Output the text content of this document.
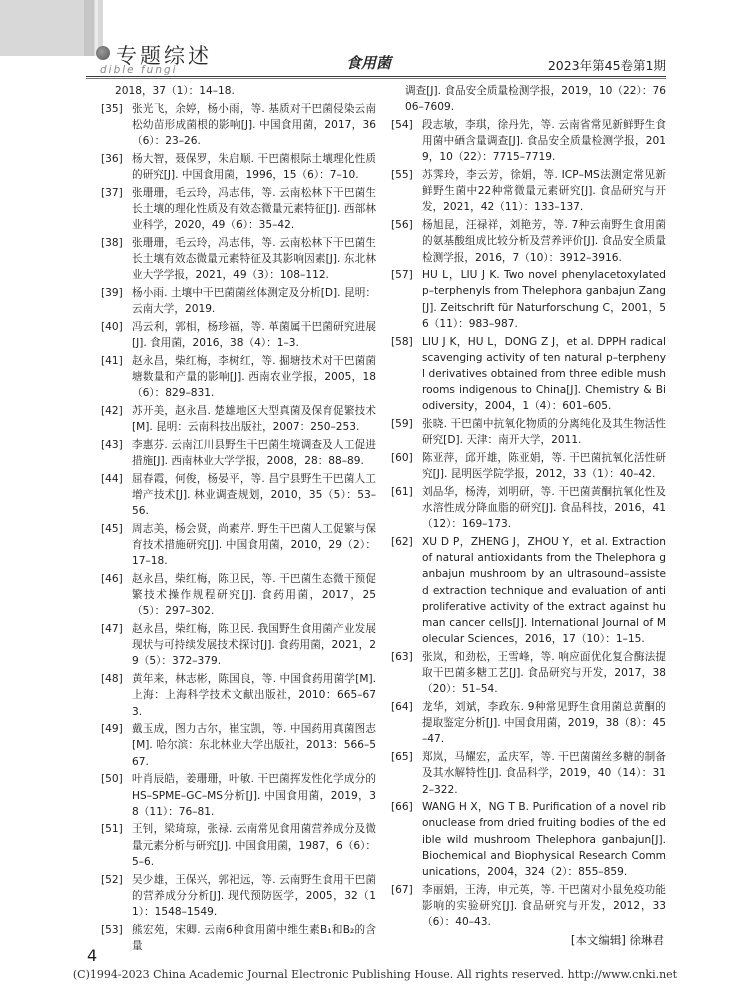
专题综述
dible fungi	食用菌	2023年第45卷第1期
2018，37（1）：14–18.
[35] 张光飞，余婷，杨小雨，等. 基质对干巴菌侵染云南松幼苗形成菌根的影响[J]. 中国食用菌，2017，36（6）：23–26.
[36] 杨大智，聂保罗，朱启顺. 干巴菌根际土壤理化性质的研究[J]. 中国食用菌，1996，15（6）：7–10.
[37] 张珊珊，毛云玲，冯志伟，等. 云南松林下干巴菌生长土壤的理化性质及有效态微量元素特征[J]. 西部林业科学，2020，49（6）：35–42.
[38] 张珊珊，毛云玲，冯志伟，等. 云南松林下干巴菌生长土壤有效态微量元素特征及其影响因素[J]. 东北林业大学学报，2021，49（3）：108–112.
[39] 杨小雨. 土壤中干巴菌菌丝体测定及分析[D]. 昆明：云南大学，2019.
[40] 冯云利，郭相，杨珍福，等. 革菌属干巴菌研究进展[J]. 食用菌，2016，38（4）：1–3.
[41] 赵永昌，柴红梅，李树红，等. 掘塘技术对干巴菌菌塘数量和产量的影响[J]. 西南农业学报，2005，18（6）：829–831.
[42] 苏开美，赵永昌. 楚雄地区大型真菌及保育促繁技术[M]. 昆明：云南科技出版社，2007：250–253.
[43] 李惠芬. 云南江川县野生干巴菌生境调查及人工促进措施[J]. 西南林业大学学报，2008，28：88–89.
[44] 屈春霞，何俊，杨晏平，等. 昌宁县野生干巴菌人工增产技术[J]. 林业调查规划，2010，35（5）：53–56.
[45] 周志美，杨会贤，尚素芹. 野生干巴菌人工促繁与保育技术措施研究[J]. 中国食用菌，2010，29（2）：17–18.
[46] 赵永昌，柴红梅，陈卫民，等. 干巴菌生态微干预促繁技术操作规程研究[J]. 食药用菌，2017，25（5）：297–302.
[47] 赵永昌，柴红梅，陈卫民. 我国野生食用菌产业发展现状与可持续发展技术探讨[J]. 食药用菌，2021，29（5）：372–379.
[48] 黄年来，林志彬，陈国良，等. 中国食药用菌学[M]. 上海：上海科学技术文献出版社，2010：665–673.
[49] 戴玉成，图力古尔，崔宝凯，等. 中国药用真菌图志[M]. 哈尔滨：东北林业大学出版社，2013：566–567.
[50] 叶肖辰皓，姜珊珊，叶敏. 干巴菌挥发性化学成分的HS–SPME–GC–MS分析[J]. 中国食用菌，2019，38（11）：76–81.
[51] 王钊，梁琦琼，张禄. 云南常见食用菌营养成分及微量元素分析与研究[J]. 中国食用菌，1987，6（6）：5–6.
[52] 吴少雄，王保兴，郭祀远，等. 云南野生食用干巴菌的营养成分分析[J]. 现代预防医学，2005，32（11）：1548–1549.
[53] 熊宏苑，宋卿. 云南6种食用菌中维生素B₁和B₂的含量
调查[J]. 食品安全质量检测学报，2019，10（22）：7606–7609.
[54] 段志敏，李琪，徐丹先，等. 云南省常见新鲜野生食用菌中硒含量调查[J]. 食品安全质量检测学报，2019，10（22）：7715–7719.
[55] 苏霁玲，李云芳，徐娟，等. ICP–MS法测定常见新鲜野生菌中22种常微量元素研究[J]. 食品研究与开发，2021，42（11）：133–137.
[56] 杨旭昆，汪禄祥，刘艳芳，等. 7种云南野生食用菌的氨基酸组成比较分析及营养评价[J]. 食品安全质量检测学报，2016，7（10）：3912–3916.
[57] HU L，LIU J K. Two novel phenylacetoxylated p–terphenyls from Thelephora ganbajun Zang[J]. Zeitschrift für Naturforschung C，2001，56（11）：983–987.
[58] LIU J K，HU L，DONG Z J，et al. DPPH radical scavenging activity of ten natural p–terphenyl derivatives obtained from three edible mushrooms indigenous to China[J]. Chemistry & Biodiversity，2004，1（4）：601–605.
[59] 张晓. 干巴菌中抗氧化物质的分离纯化及其生物活性研究[D]. 天津：南开大学，2011.
[60] 陈亚萍，邱开雄，陈亚娟，等. 干巴菌抗氧化活性研究[J]. 昆明医学院学报，2012，33（1）：40–42.
[61] 刘品华，杨涛，刘明研，等. 干巴菌黄酮抗氧化性及水溶性成分降血脂的研究[J]. 食品科技，2016，41（12）：169–173.
[62] XU D P，ZHENG J，ZHOU Y，et al. Extraction of natural antioxidants from the Thelephora ganbajun mushroom by an ultrasound–assisted extraction technique and evaluation of antiproliferative activity of the extract against human cancer cells[J]. International Journal of Molecular Sciences，2016，17（10）：1–15.
[63] 张岚，和劲松，王雪峰，等. 响应面优化复合酶法提取干巴菌多糖工艺[J]. 食品研究与开发，2017，38（20）：51–54.
[64] 龙华，刘斌，李政东. 9种常见野生食用菌总黄酮的提取鉴定分析[J]. 中国食用菌，2019，38（8）：45–47.
[65] 郑岚，马耀宏，孟庆军，等. 干巴菌菌丝多糖的制备及其水解特性[J]. 食品科学，2019，40（14）：312–322.
[66] WANG H X，NG T B. Purification of a novel ribonuclease from dried fruiting bodies of the edible wild mushroom Thelephora ganbajun[J]. Biochemical and Biophysical Research Communications，2004，324（2）：855–859.
[67] 李丽娟，王涛，申元英，等. 干巴菌对小鼠免疫功能影响的实验研究[J]. 食品研究与开发，2012，33（6）：40–43.
[本文编辑] 徐琳君
4
(C)1994-2023 China Academic Journal Electronic Publishing House. All rights reserved. http://www.cnki.net
